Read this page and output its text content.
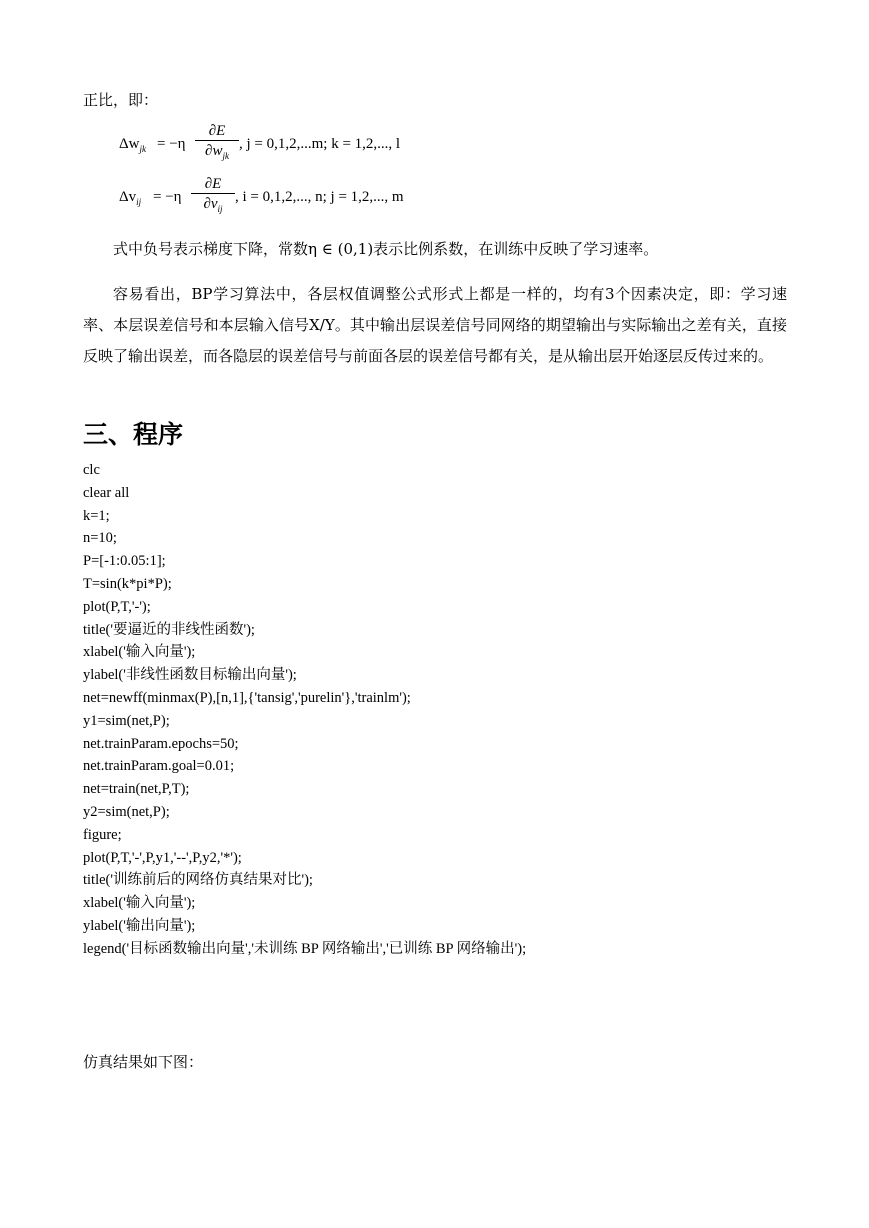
正比，即：
$\Delta w_{jk} = -\eta$
∂E
$\partial w_{jk}$
, j = 0,1,2,...m; k = 1,2,..., l
$\Delta v_{ij} = -\eta$
∂E
$\partial v_{ij}$
, i = 0,1,2,..., n; j = 1,2,..., m

式中负号表示梯度下降，常数η ∈ (0,1)表示比例系数，在训练中反映了学习速率。

容易看出，BP学习算法中，各层权值调整公式形式上都是一样的，均有3个因素决定，即：学习速率、本层误差信号和本层输入信号X/Y。其中输出层误差信号同网络的期望输出与实际输出之差有关，直接反映了输出误差，而各隐层的误差信号与前面各层的误差信号都有关，是从输出层开始逐层反传过来的。

三、程序
clc
clear all
k=1;
n=10;
P=[-1:0.05:1];
T=sin(k*pi*P);
plot(P,T,'-');
title('要逼近的非线性函数');
xlabel('输入向量');
ylabel('非线性函数目标输出向量');
net=newff(minmax(P),[n,1],{'tansig','purelin'},'trainlm');
y1=sim(net,P);
net.trainParam.epochs=50;
net.trainParam.goal=0.01;
net=train(net,P,T);
y2=sim(net,P);
figure;
plot(P,T,'-',P,y1,'--',P,y2,'*');
title('训练前后的网络仿真结果对比');
xlabel('输入向量');
ylabel('输出向量');
legend('目标函数输出向量','未训练 BP 网络输出','已训练 BP 网络输出');
仿真结果如下图：
